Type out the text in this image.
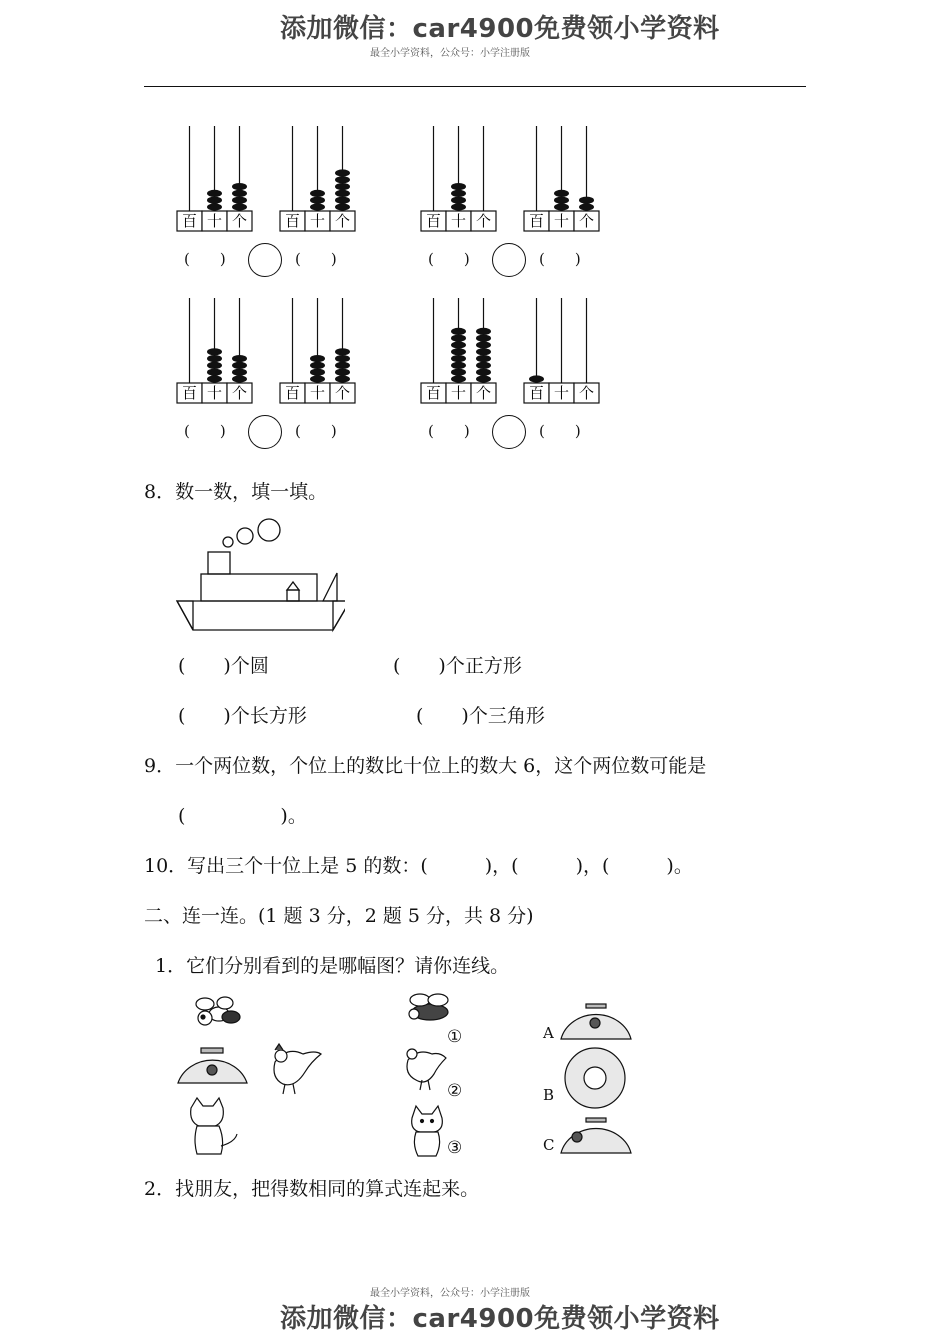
添加微信：car4900免费领小学资料
最全小学资料，公众号：小学注册版
百 十 个
(　　)
百 十 个
(　　)
百 十 个
(　　)
百 十 个
(　　)
百 十 个
(　　)
百 十 个
(　　)
百 十 个
(　　)
百 十 个
(　　)
8．数一数，填一填。
(　　)个圆	(　　)个正方形
(　　)个长方形	(　　)个三角形
9．一个两位数，个位上的数比十位上的数大 6，这个两位数可能是
(　　　　　)。
10．写出三个十位上是 5 的数：(　　　)，(　　　)，(　　　)。
二、连一连。(1 题 3 分，2 题 5 分，共 8 分)
1．它们分别看到的是哪幅图？请你连线。
①
②
③
A
B
C
2．找朋友，把得数相同的算式连起来。
最全小学资料，公众号：小学注册版
添加微信：car4900免费领小学资料
